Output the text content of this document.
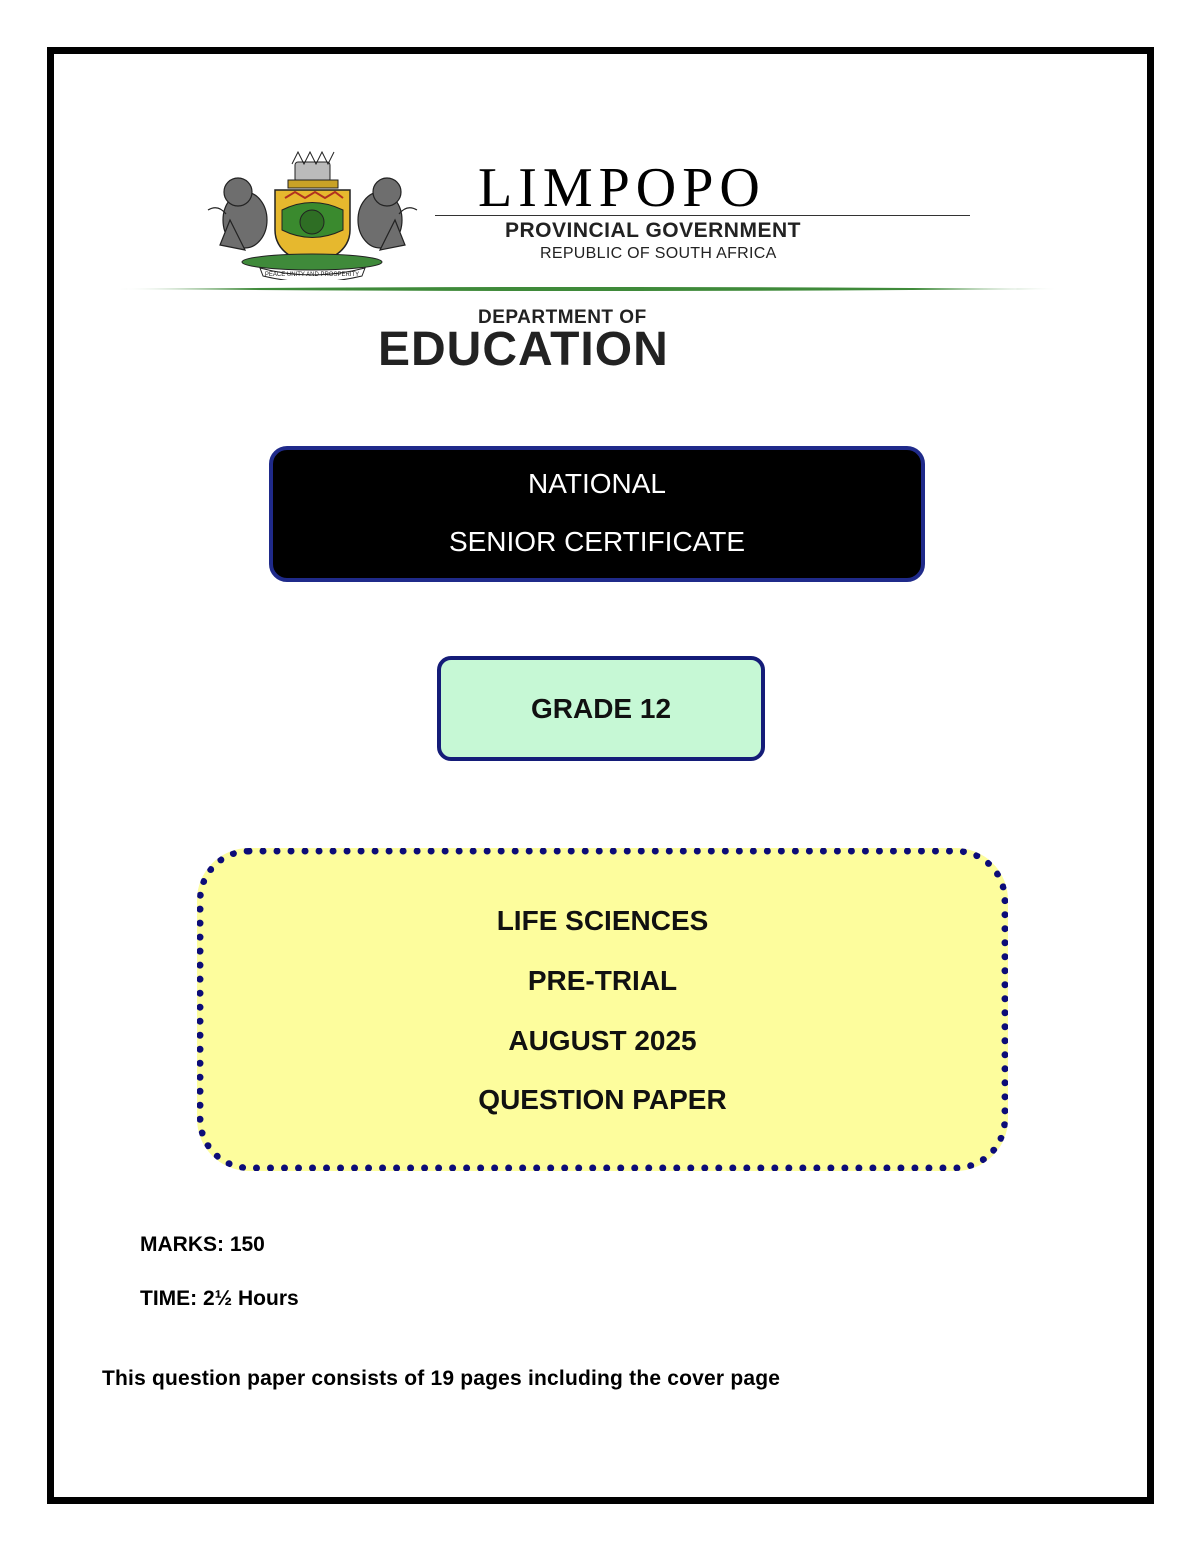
PEACE UNITY AND PROSPERITY
LIMPOPO
PROVINCIAL GOVERNMENT
REPUBLIC OF SOUTH AFRICA
DEPARTMENT OF
EDUCATION
NATIONAL
SENIOR CERTIFICATE
GRADE 12
LIFE SCIENCES
PRE-TRIAL
AUGUST 2025
QUESTION PAPER
MARKS: 150
TIME: 2½ Hours
This question paper consists of 19 pages including the cover page
